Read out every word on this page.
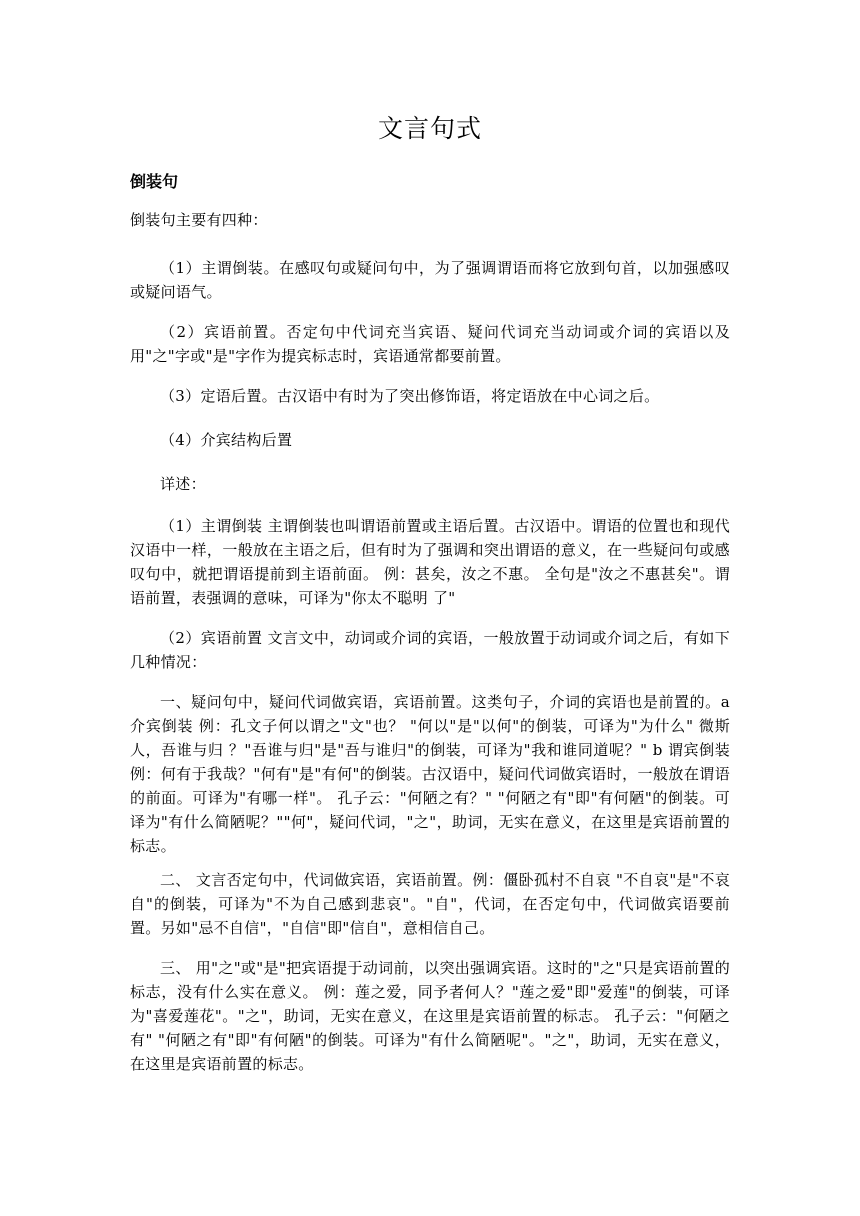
文言句式
倒装句

倒装句主要有四种：

（1）主谓倒装。在感叹句或疑问句中，为了强调谓语而将它放到句首，以加强感叹或疑问语气。

（2）宾语前置。否定句中代词充当宾语、疑问代词充当动词或介词的宾语以及用"之"字或"是"字作为提宾标志时，宾语通常都要前置。

（3）定语后置。古汉语中有时为了突出修饰语，将定语放在中心词之后。

（4）介宾结构后置

详述：

（1）主谓倒装 主谓倒装也叫谓语前置或主语后置。古汉语中。谓语的位置也和现代汉语中一样，一般放在主语之后，但有时为了强调和突出谓语的意义，在一些疑问句或感叹句中，就把谓语提前到主语前面。 例：甚矣，汝之不惠。 全句是"汝之不惠甚矣"。谓语前置，表强调的意味，可译为"你太不聪明 了"

（2）宾语前置 文言文中，动词或介词的宾语，一般放置于动词或介词之后，有如下几种情况：

一、疑问句中，疑问代词做宾语，宾语前置。这类句子，介词的宾语也是前置的。a 介宾倒装 例：孔文子何以谓之"文"也？ "何以"是"以何"的倒装，可译为"为什么" 微斯人，吾谁与归 ？"吾谁与归"是"吾与谁归"的倒装，可译为"我和谁同道呢？" b 谓宾倒装 例：何有于我哉？"何有"是"有何"的倒装。古汉语中，疑问代词做宾语时，一般放在谓语的前面。可译为"有哪一样"。 孔子云："何陋之有？" "何陋之有"即"有何陋"的倒装。可译为"有什么简陋呢？""何"，疑问代词，"之"，助词，无实在意义，在这里是宾语前置的标志。

二、 文言否定句中，代词做宾语，宾语前置。例：僵卧孤村不自哀 "不自哀"是"不哀自"的倒装，可译为"不为自己感到悲哀"。"自"，代词，在否定句中，代词做宾语要前置。另如"忌不自信"，"自信"即"信自"，意相信自己。

三、 用"之"或"是"把宾语提于动词前，以突出强调宾语。这时的"之"只是宾语前置的标志，没有什么实在意义。 例：莲之爱，同予者何人？"莲之爱"即"爱莲"的倒装，可译为"喜爱莲花"。"之"，助词，无实在意义，在这里是宾语前置的标志。 孔子云："何陋之有" "何陋之有"即"有何陋"的倒装。可译为"有什么简陋呢"。"之"，助词，无实在意义，在这里是宾语前置的标志。
